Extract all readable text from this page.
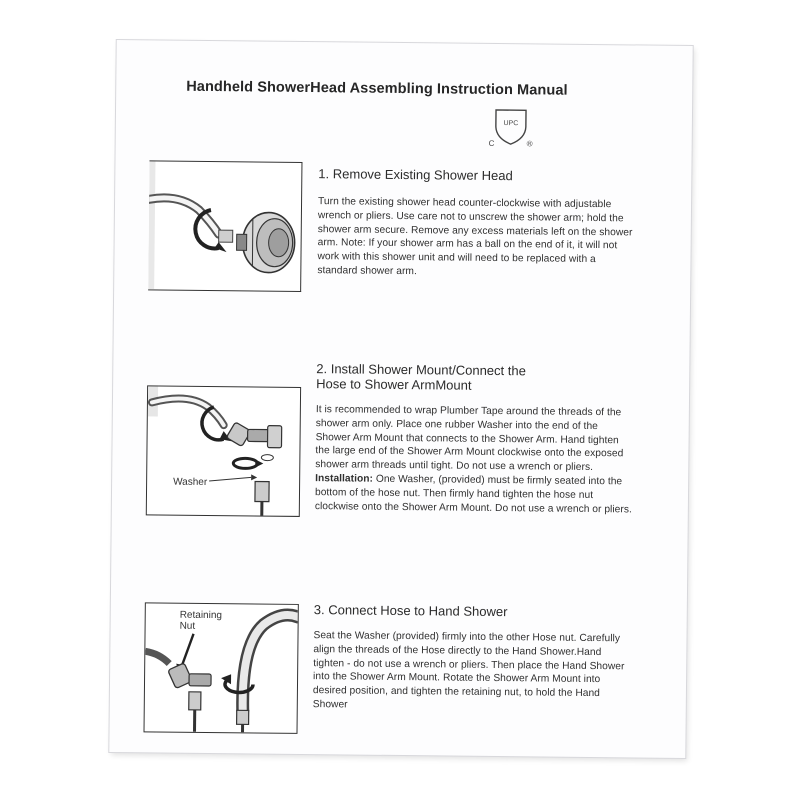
Handheld ShowerHead Assembling Instruction Manual
UPC
C	®
1. Remove Existing Shower Head

Turn the existing shower head counter-clockwise with adjustable wrench or pliers. Use care not to unscrew the shower arm; hold the shower arm secure. Remove any excess materials left on the shower arm. Note: If your shower arm has a ball on the end of it, it will not work with this shower unit and will need to be replaced with a standard shower arm.

Washer
2. Install Shower Mount/Connect the
Hose to Shower ArmMount

It is recommended to wrap Plumber Tape around the threads of the shower arm only. Place one rubber Washer into the end of the Shower Arm Mount that connects to the Shower Arm. Hand tighten the large end of the Shower Arm Mount clockwise onto the exposed shower arm threads until tight. Do not use a wrench or pliers.

Installation: One Washer, (provided) must be firmly seated into the bottom of the hose nut. Then firmly hand tighten the hose nut clockwise onto the Shower Arm Mount. Do not use a wrench or pliers.

Retaining
Nut
3. Connect Hose to Hand Shower

Seat the Washer (provided) firmly into the other Hose nut. Carefully align the threads of the Hose directly to the Hand Shower.Hand tighten - do not use a wrench or pliers. Then place the Hand Shower into the Shower Arm Mount. Rotate the Shower Arm Mount into desired position, and tighten the retaining nut, to hold the Hand Shower
